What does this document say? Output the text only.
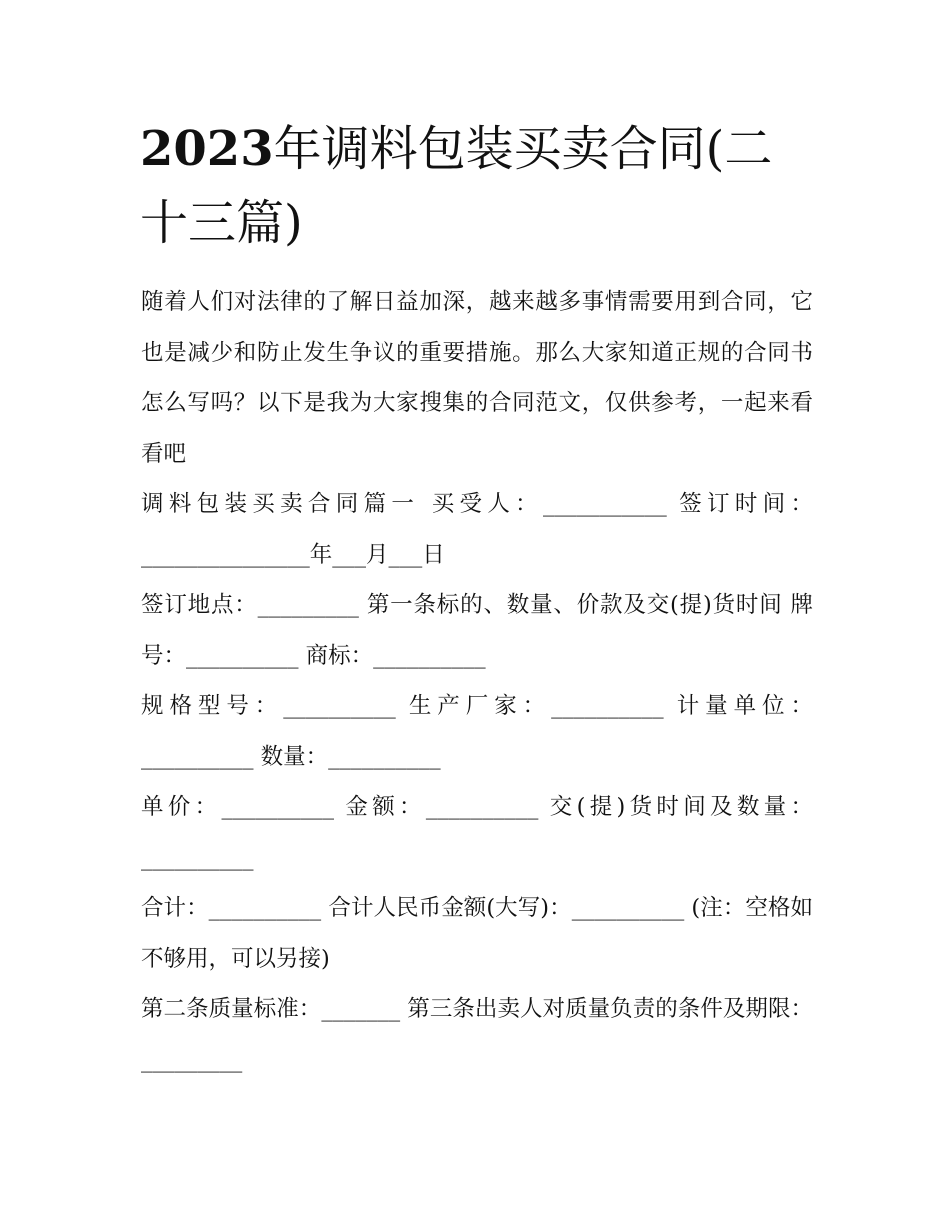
2023年调料包装买卖合同(二十三篇)

随着人们对法律的了解日益加深，越来越多事情需要用到合同，它也是减少和防止发生争议的重要措施。那么大家知道正规的合同书怎么写吗？以下是我为大家搜集的合同范文，仅供参考，一起来看看吧

调料包装买卖合同篇一 买受人：___________ 签订时间：_______________年___月___日

签订地点：_________ 第一条标的、数量、价款及交(提)货时间 牌号：__________ 商标：__________

规格型号：__________ 生产厂家：__________ 计量单位：__________ 数量：__________

单价：__________ 金额：__________ 交(提)货时间及数量：__________

合计：__________ 合计人民币金额(大写)：__________ (注：空格如不够用，可以另接)

第二条质量标准：_______ 第三条出卖人对质量负责的条件及期限：_________
